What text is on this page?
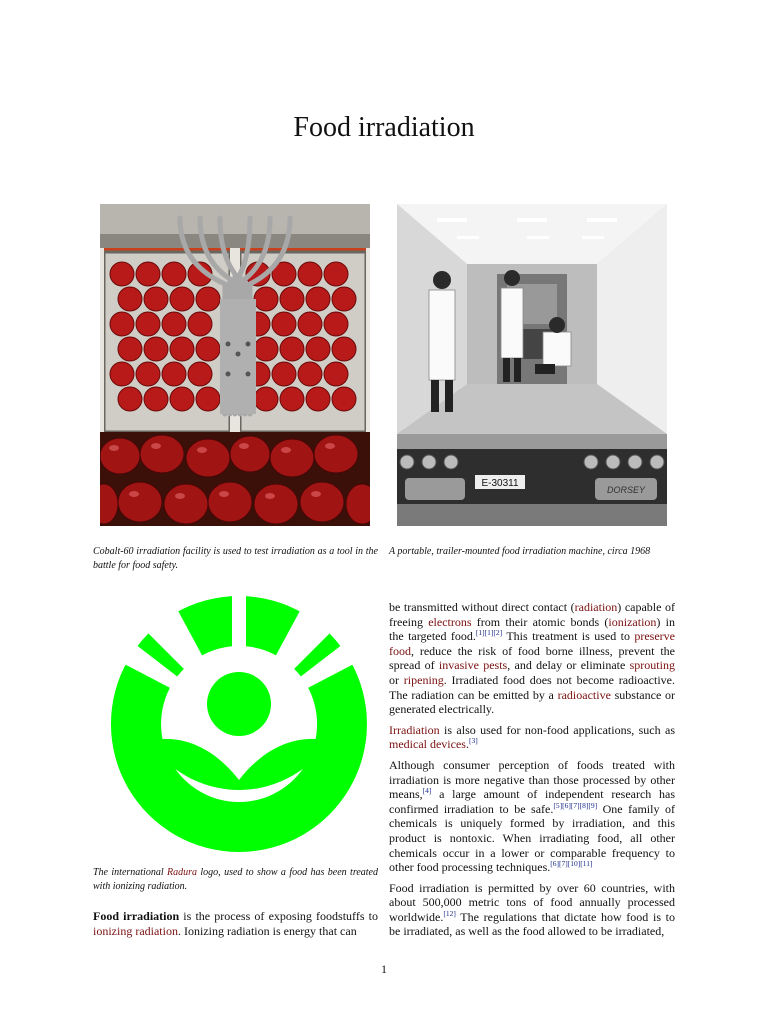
Food irradiation
E-30311
DORSEY

Cobalt-60 irradiation facility is used to test irradiation as a tool in the battle for food safety.

A portable, trailer-mounted food irradiation machine, circa 1968

The international Radura logo, used to show a food has been treated with ionizing radiation.

Food irradiation is the process of exposing foodstuffs to ionizing radiation. Ionizing radiation is energy that can

be transmitted without direct contact (radiation) capable of freeing electrons from their atomic bonds (ionization) in the targeted food.[1][1][2] This treatment is used to preserve food, reduce the risk of food borne illness, prevent the spread of invasive pests, and delay or eliminate sprouting or ripening. Irradiated food does not become radioactive. The radiation can be emitted by a radioactive substance or generated electrically.

Irradiation is also used for non-food applications, such as medical devices.[3]

Although consumer perception of foods treated with irradiation is more negative than those processed by other means,[4] a large amount of independent research has confirmed irradiation to be safe.[5][6][7][8][9] One family of chemicals is uniquely formed by irradiation, and this product is nontoxic. When irradiating food, all other chemicals occur in a lower or comparable frequency to other food processing techniques.[6][7][10][11]

Food irradiation is permitted by over 60 countries, with about 500,000 metric tons of food annually processed worldwide.[12] The regulations that dictate how food is to be irradiated, as well as the food allowed to be irradiated,

1
